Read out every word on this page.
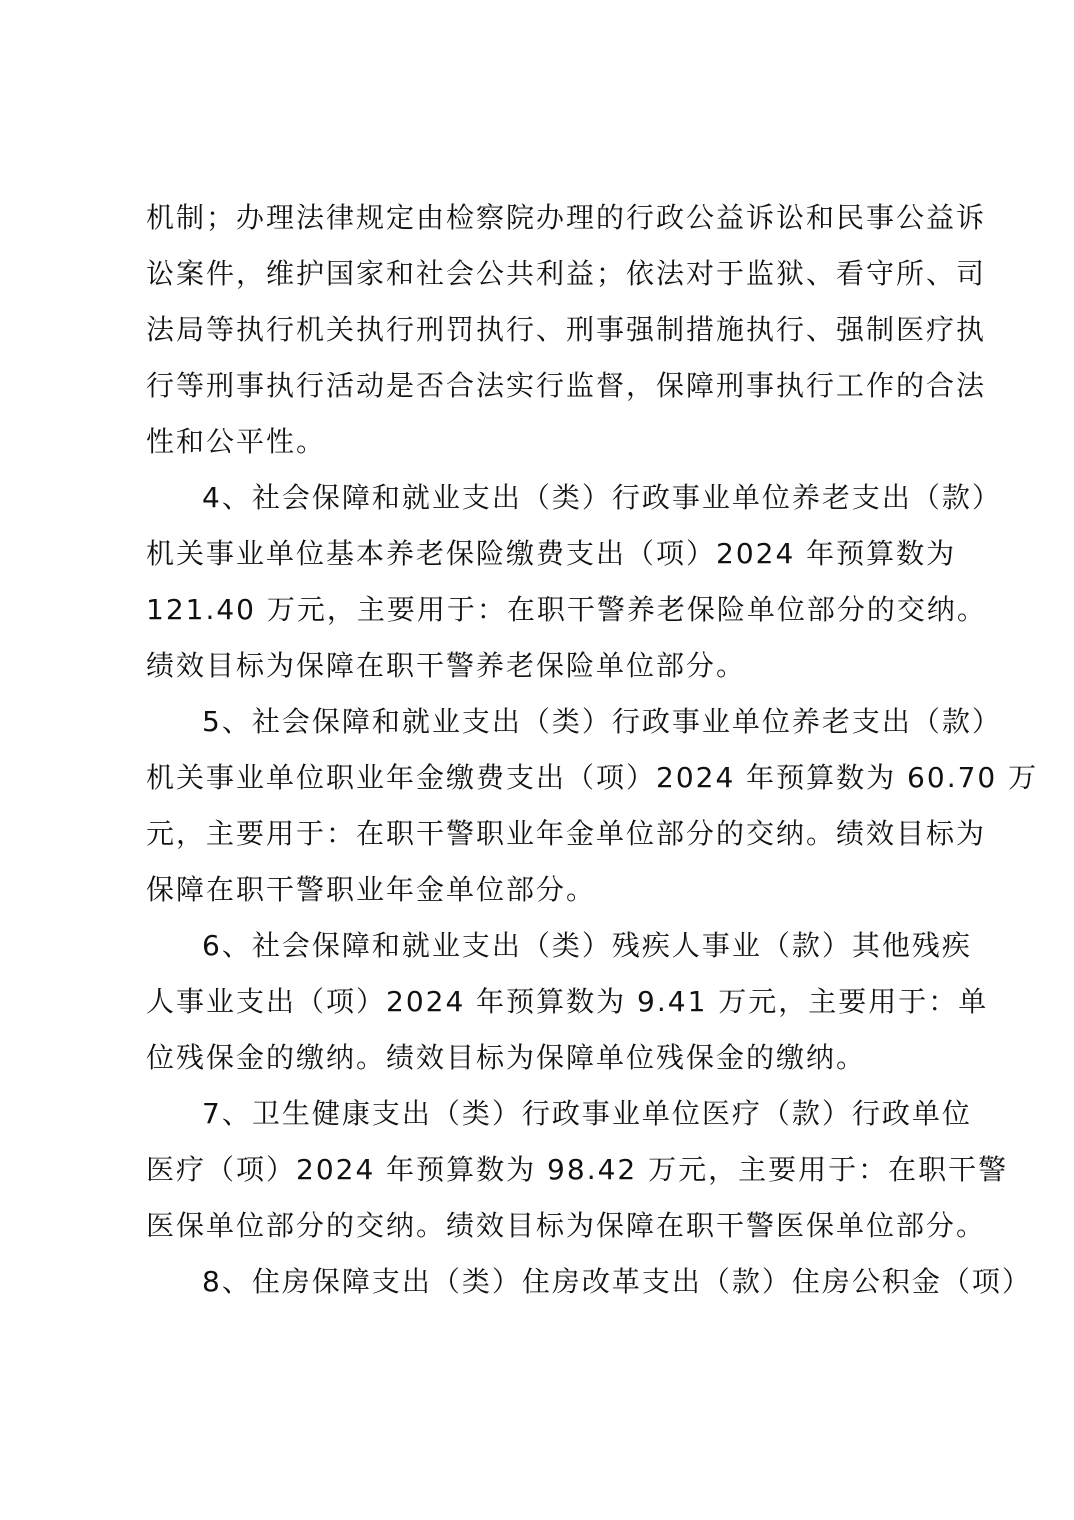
机制；办理法律规定由检察院办理的行政公益诉讼和民事公益诉
讼案件，维护国家和社会公共利益；依法对于监狱、看守所、司
法局等执行机关执行刑罚执行、刑事强制措施执行、强制医疗执
行等刑事执行活动是否合法实行监督，保障刑事执行工作的合法
性和公平性。
4、社会保障和就业支出（类）行政事业单位养老支出（款）
机关事业单位基本养老保险缴费支出（项）2024 年预算数为
121.40 万元，主要用于：在职干警养老保险单位部分的交纳。
绩效目标为保障在职干警养老保险单位部分。
5、社会保障和就业支出（类）行政事业单位养老支出（款）
机关事业单位职业年金缴费支出（项）2024 年预算数为 60.70 万
元，主要用于：在职干警职业年金单位部分的交纳。绩效目标为
保障在职干警职业年金单位部分。
6、社会保障和就业支出（类）残疾人事业（款）其他残疾
人事业支出（项）2024 年预算数为 9.41 万元，主要用于：单
位残保金的缴纳。绩效目标为保障单位残保金的缴纳。
7、卫生健康支出（类）行政事业单位医疗（款）行政单位
医疗（项）2024 年预算数为 98.42 万元，主要用于：在职干警
医保单位部分的交纳。绩效目标为保障在职干警医保单位部分。
8、住房保障支出（类）住房改革支出（款）住房公积金（项）
